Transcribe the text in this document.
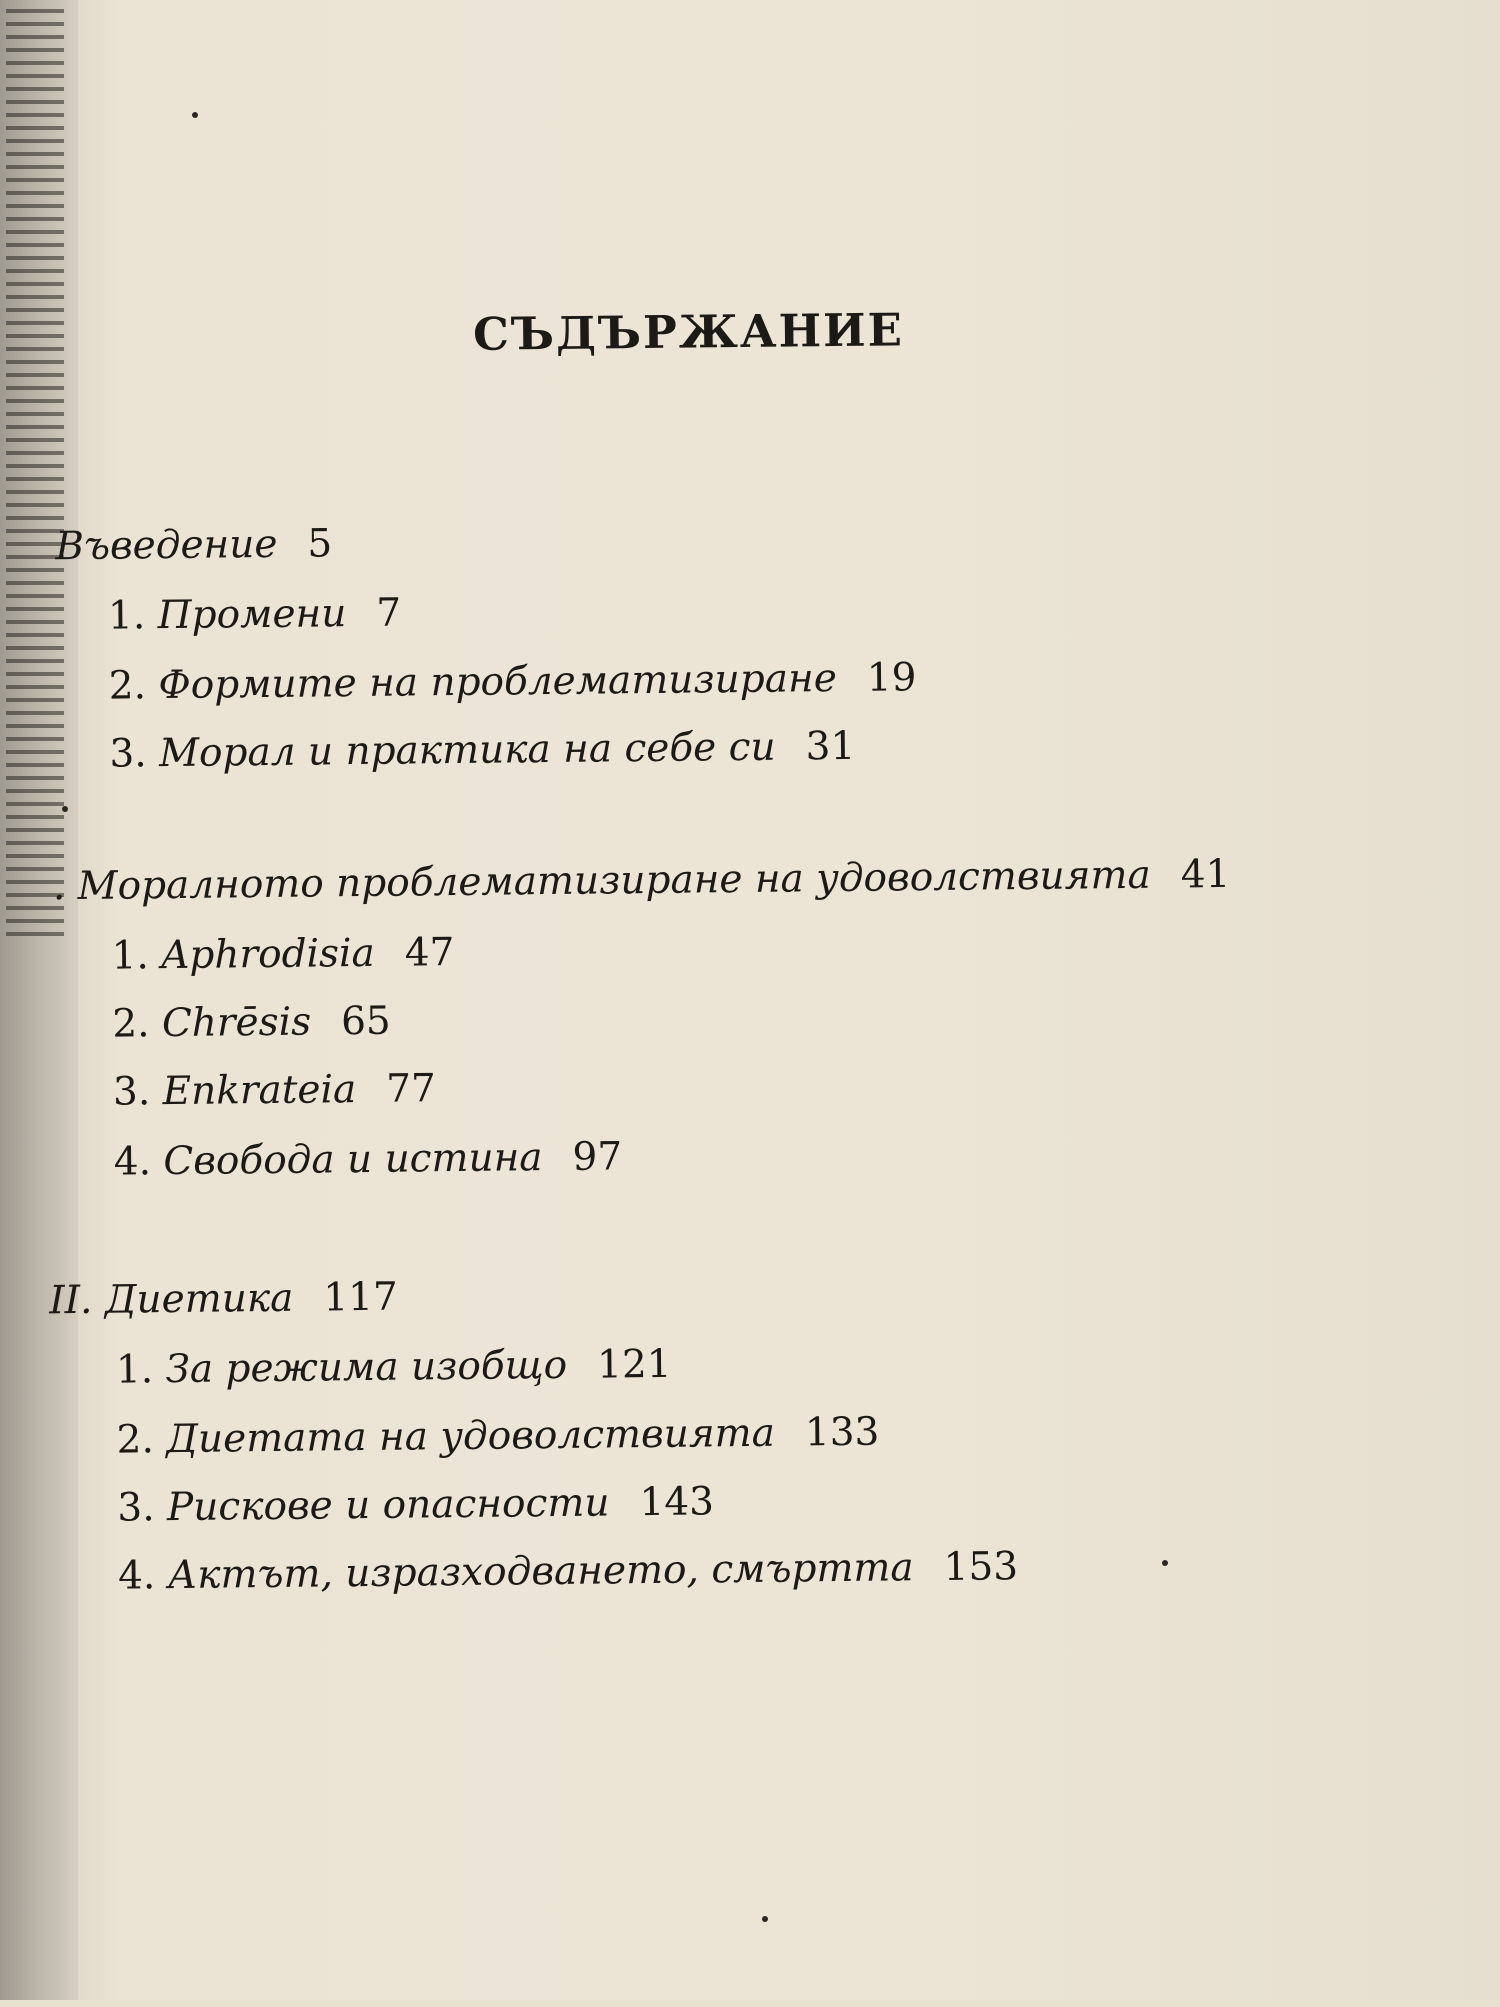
СЪДЪРЖАНИЕ
Въведение 5
1. Промени 7
2. Формите на проблематизиране 19
3. Морал и практика на себе си 31
. Моралното проблематизиране на удоволствията 41
1. Aphrodisia 47
2. Chrēsis 65
3. Enkrateia 77
4. Свобода и истина 97
II. Диетика 117
1. За режима изобщо 121
2. Диетата на удоволствията 133
3. Рискове и опасности 143
4. Актът, изразходването, смъртта 153
